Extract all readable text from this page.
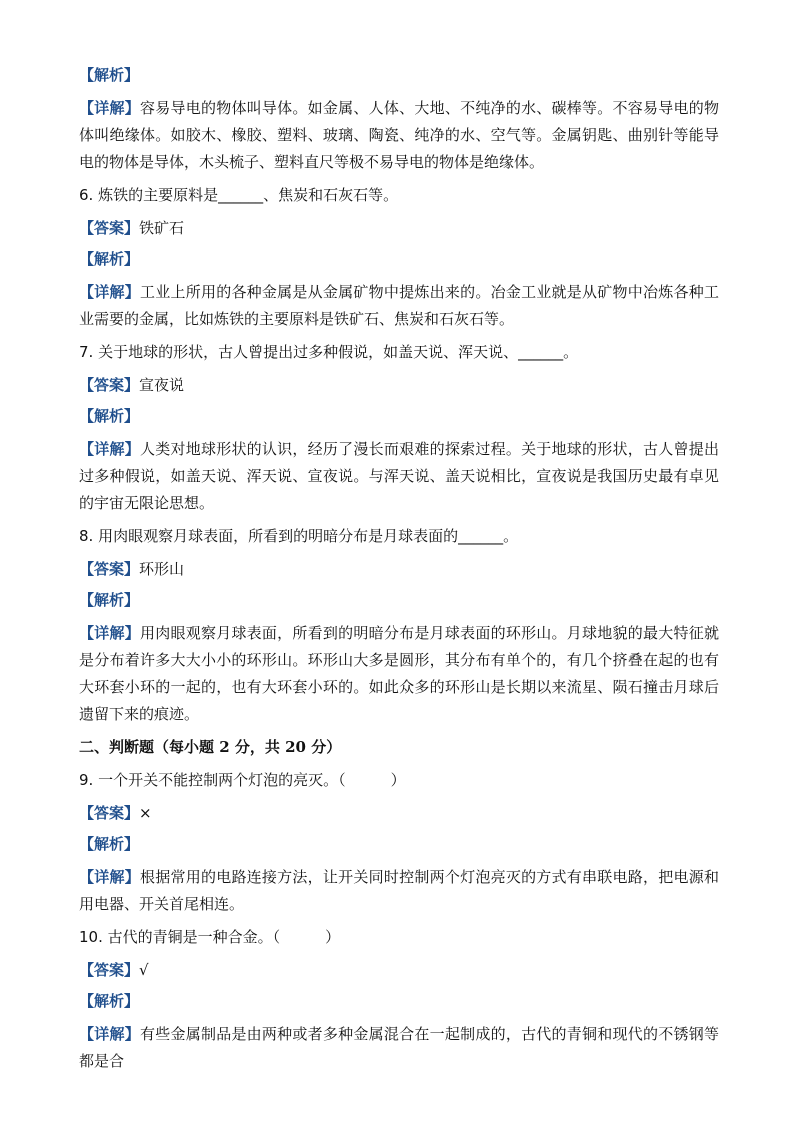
【解析】
【详解】容易导电的物体叫导体。如金属、人体、大地、不纯净的水、碳棒等。不容易导电的物体叫绝缘体。如胶木、橡胶、塑料、玻璃、陶瓷、纯净的水、空气等。金属钥匙、曲别针等能导电的物体是导体，木头梳子、塑料直尺等极不易导电的物体是绝缘体。
6. 炼铁的主要原料是______、焦炭和石灰石等。
【答案】铁矿石
【解析】
【详解】工业上所用的各种金属是从金属矿物中提炼出来的。冶金工业就是从矿物中冶炼各种工业需要的金属，比如炼铁的主要原料是铁矿石、焦炭和石灰石等。
7. 关于地球的形状，古人曾提出过多种假说，如盖天说、浑天说、______。
【答案】宣夜说
【解析】
【详解】人类对地球形状的认识，经历了漫长而艰难的探索过程。关于地球的形状，古人曾提出过多种假说，如盖天说、浑天说、宣夜说。与浑天说、盖天说相比，宣夜说是我国历史最有卓见的宇宙无限论思想。
8. 用肉眼观察月球表面，所看到的明暗分布是月球表面的______。
【答案】环形山
【解析】
【详解】用肉眼观察月球表面，所看到的明暗分布是月球表面的环形山。月球地貌的最大特征就是分布着许多大大小小的环形山。环形山大多是圆形，其分布有单个的，有几个挤叠在起的也有大环套小环的一起的，也有大环套小环的。如此众多的环形山是长期以来流星、陨石撞击月球后遗留下来的痕迹。
二、判断题（每小题 2 分，共 20 分）
9. 一个开关不能控制两个灯泡的亮灭。（　　　）
【答案】×
【解析】
【详解】根据常用的电路连接方法，让开关同时控制两个灯泡亮灭的方式有串联电路，把电源和用电器、开关首尾相连。
10. 古代的青铜是一种合金。（　　　）
【答案】√
【解析】
【详解】有些金属制品是由两种或者多种金属混合在一起制成的，古代的青铜和现代的不锈钢等都是合
